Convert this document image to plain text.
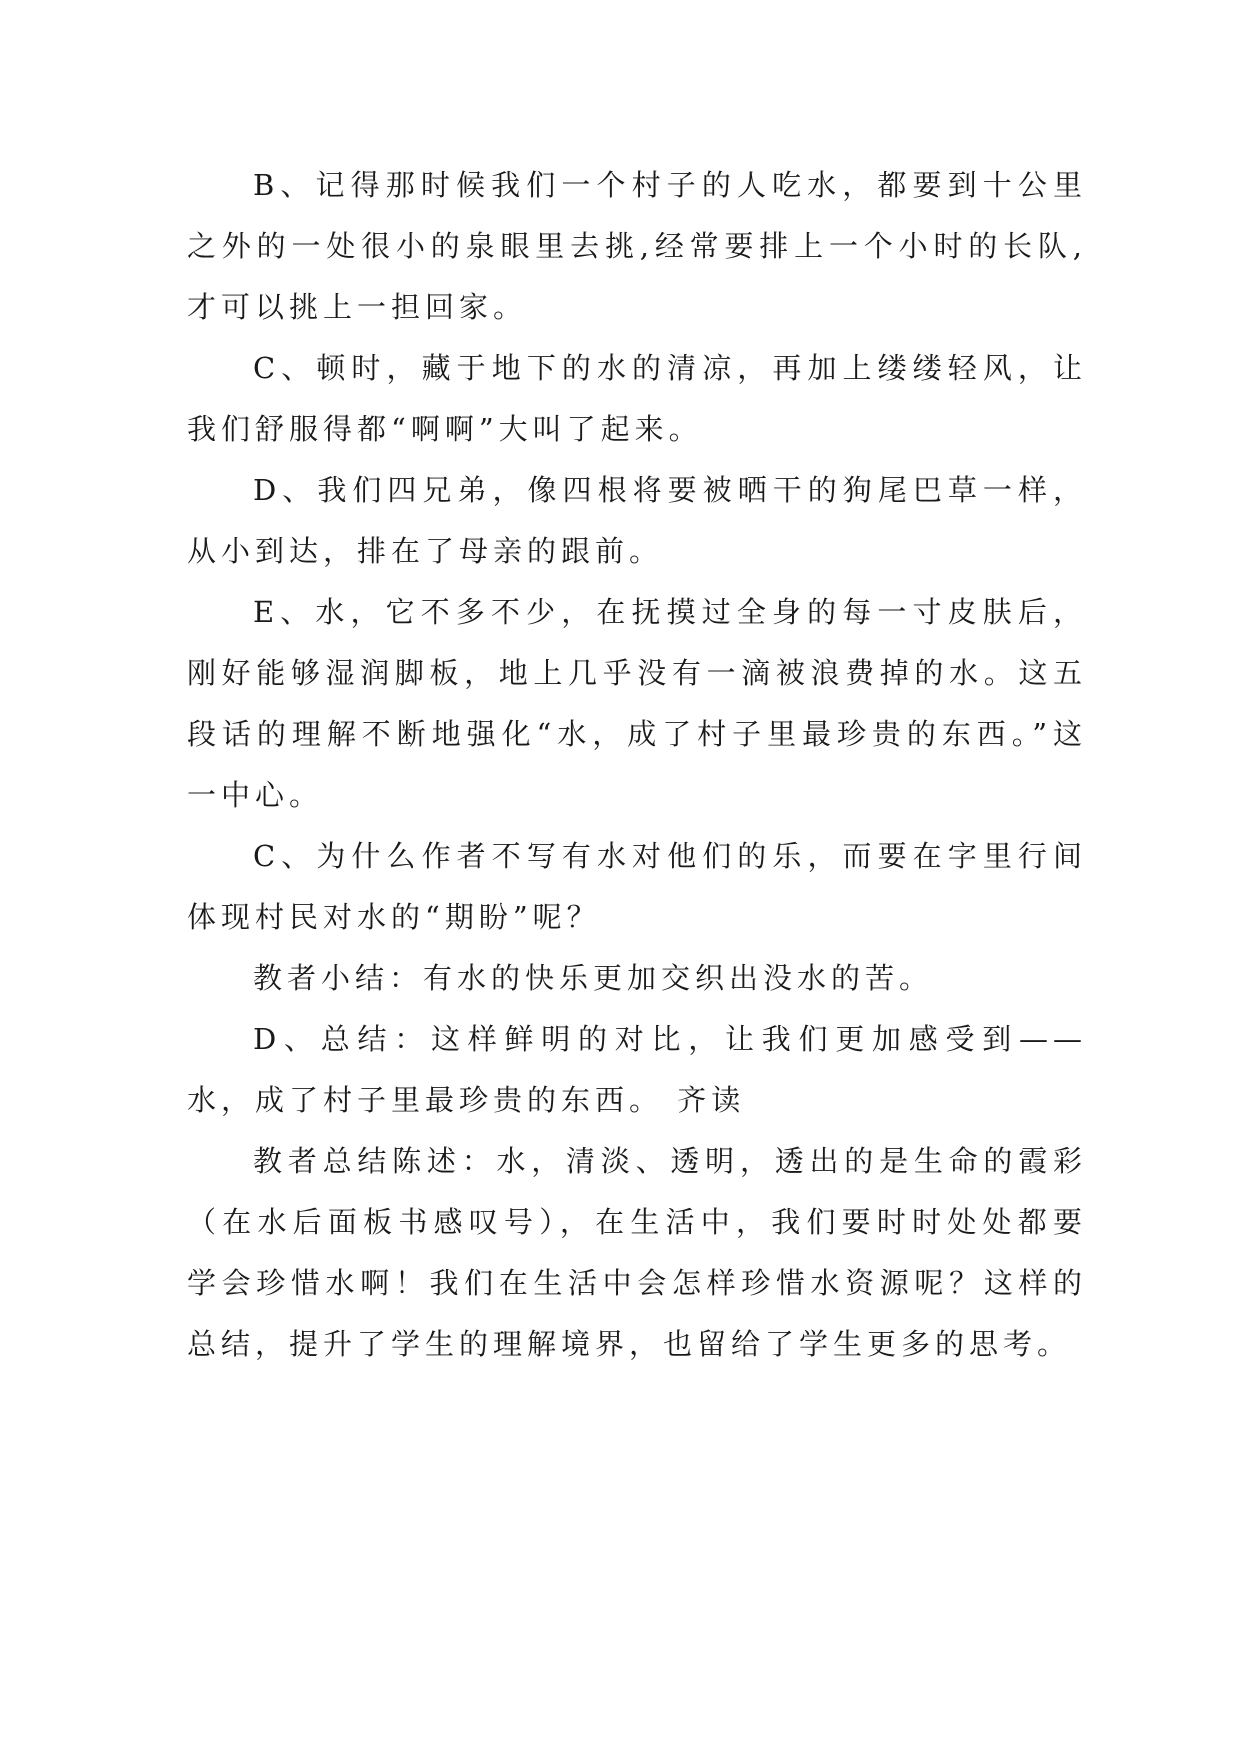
B、记得那时候我们一个村子的人吃水，都要到十公里之外的一处很小的泉眼里去挑,经常要排上一个小时的长队,才可以挑上一担回家。

C、顿时，藏于地下的水的清凉，再加上缕缕轻风，让我们舒服得都“啊啊”大叫了起来。

D、我们四兄弟，像四根将要被晒干的狗尾巴草一样，从小到达，排在了母亲的跟前。

E、水，它不多不少，在抚摸过全身的每一寸皮肤后，刚好能够湿润脚板，地上几乎没有一滴被浪费掉的水。这五段话的理解不断地强化“水，成了村子里最珍贵的东西。”这一中心。

C、为什么作者不写有水对他们的乐，而要在字里行间体现村民对水的“期盼”呢？

教者小结：有水的快乐更加交织出没水的苦。

D、总结：这样鲜明的对比，让我们更加感受到——水，成了村子里最珍贵的东西。 齐读

教者总结陈述：水，清淡、透明，透出的是生命的霞彩（在水后面板书感叹号），在生活中，我们要时时处处都要学会珍惜水啊！我们在生活中会怎样珍惜水资源呢？这样的总结，提升了学生的理解境界，也留给了学生更多的思考。
